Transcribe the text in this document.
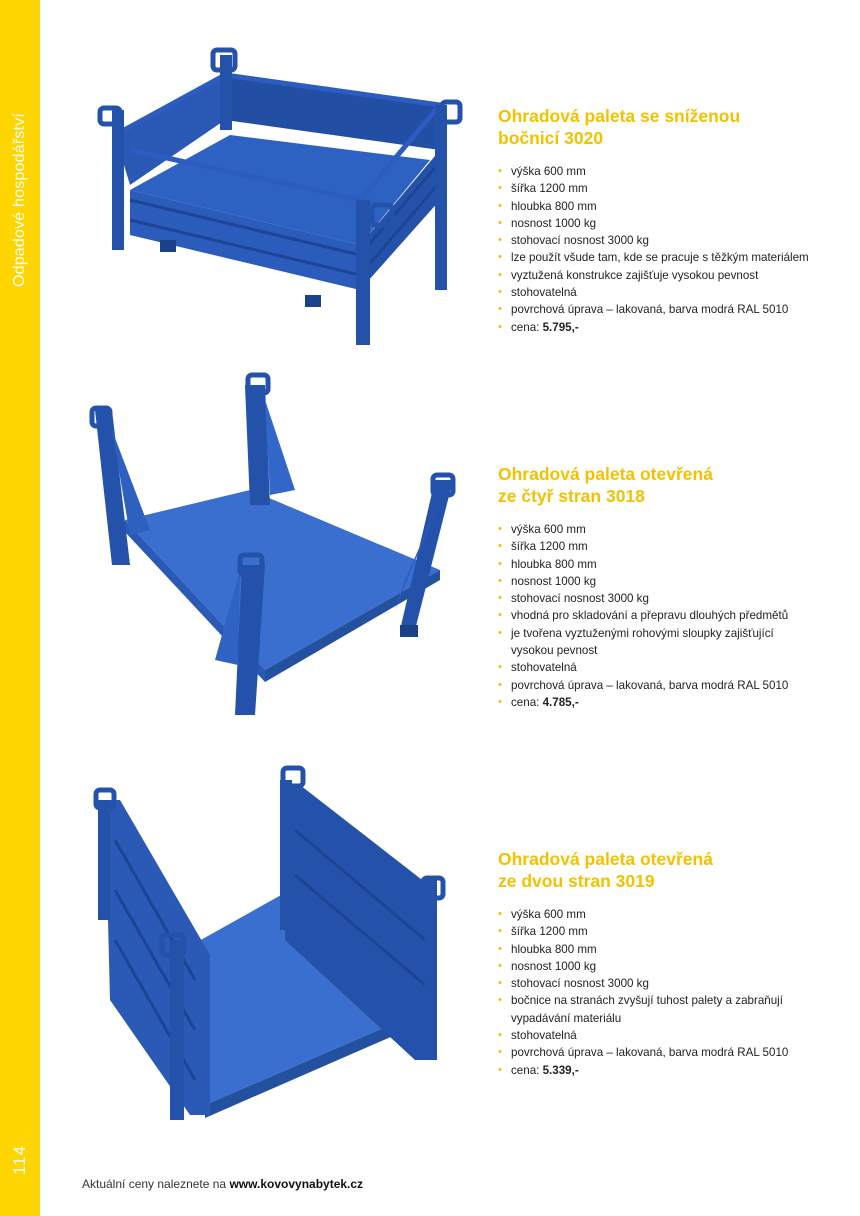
Odpadové hospodářství
114
Ohradová paleta se sníženou
bočnicí 3020
• výška 600 mm
• šířka 1200 mm
• hloubka 800 mm
• nosnost 1000 kg
• stohovací nosnost 3000 kg
• lze použít všude tam, kde se pracuje s těžkým materiálem
• vyztužená konstrukce zajišťuje vysokou pevnost
• stohovatelná
• povrchová úprava – lakovaná, barva modrá RAL 5010
• cena: 5.795,-
Ohradová paleta otevřená
ze čtyř stran 3018
• výška 600 mm
• šířka 1200 mm
• hloubka 800 mm
• nosnost 1000 kg
• stohovací nosnost 3000 kg
• vhodná pro skladování a přepravu dlouhých předmětů
• je tvořena vyztuženými rohovými sloupky zajišťující
vysokou pevnost
• stohovatelná
• povrchová úprava – lakovaná, barva modrá RAL 5010
• cena: 4.785,-
Ohradová paleta otevřená
ze dvou stran 3019
• výška 600 mm
• šířka 1200 mm
• hloubka 800 mm
• nosnost 1000 kg
• stohovací nosnost 3000 kg
• bočnice na stranách zvyšují tuhost palety a zabraňují
vypadávání materiálu
• stohovatelná
• povrchová úprava – lakovaná, barva modrá RAL 5010
• cena: 5.339,-
Aktuální ceny naleznete na www.kovovynabytek.cz
